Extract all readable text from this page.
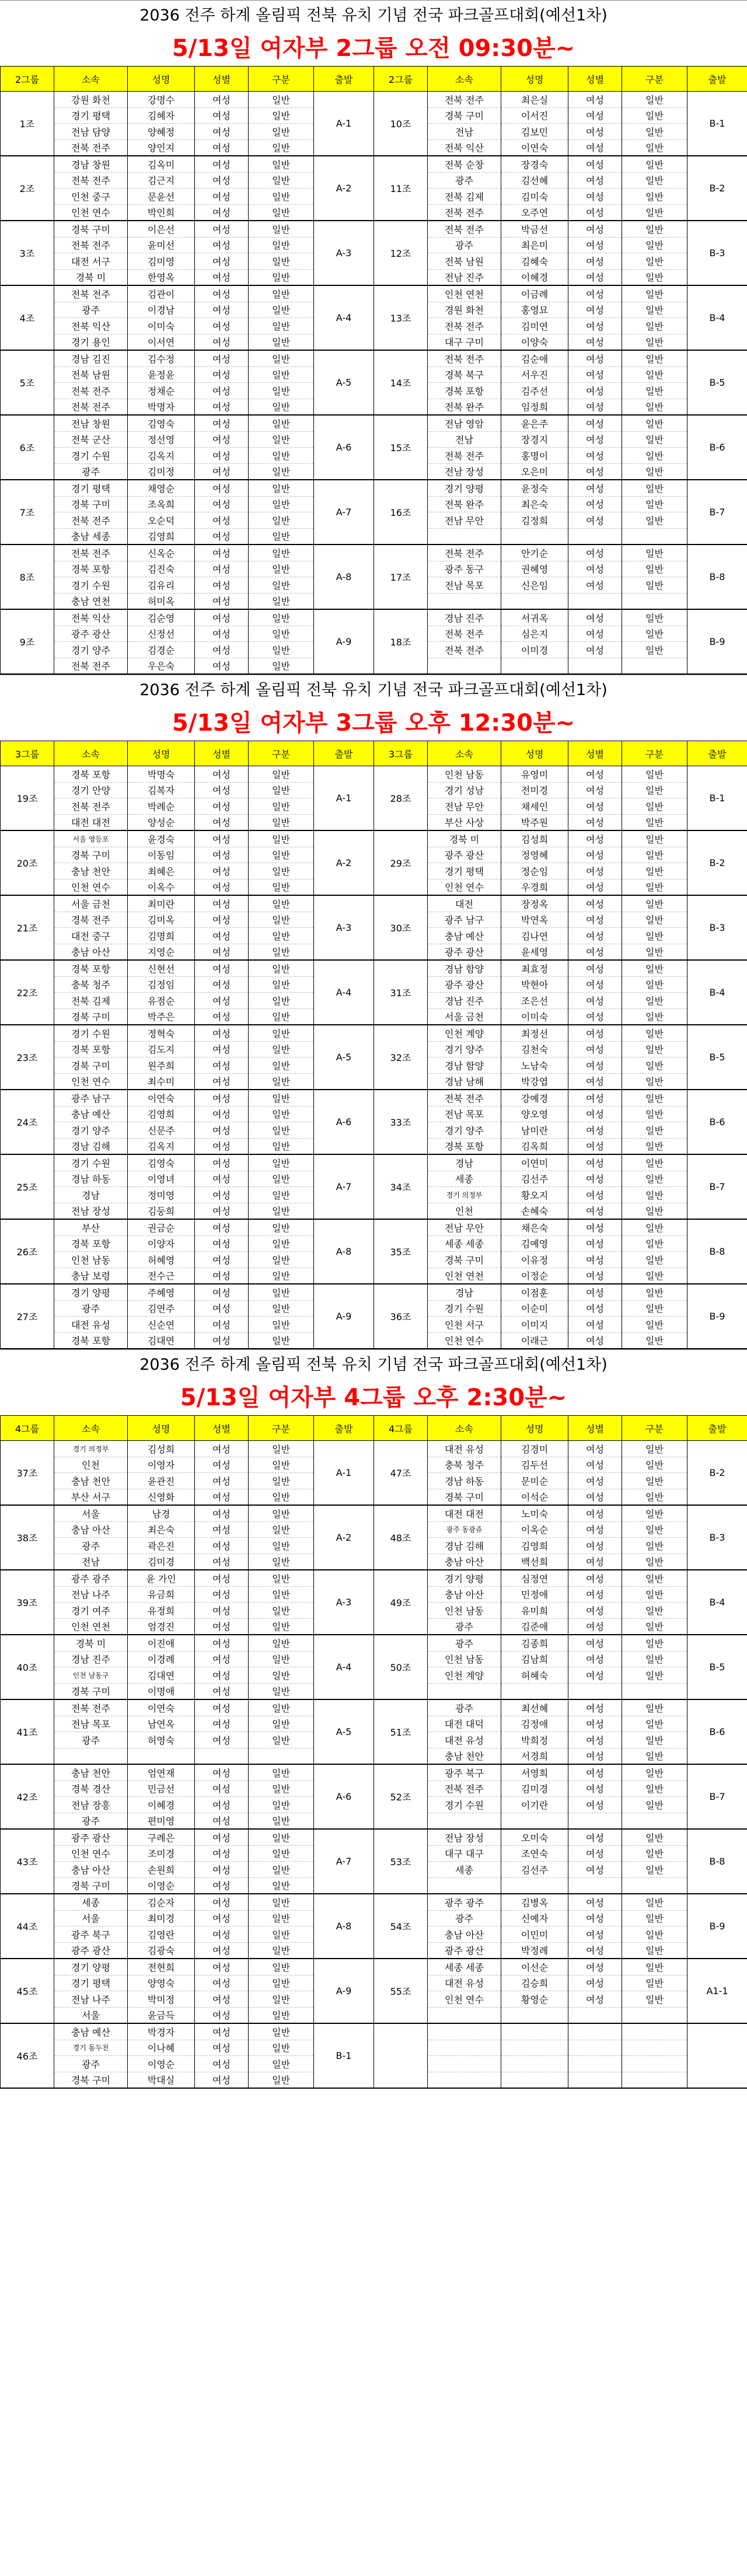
2036 전주 하계 올림픽 전북 유치 기념 전국 파크골프대회(예선1차)
5/13일 여자부 2그룹 오전 09:30분~
2그룹	소속	성명	성별	구분	출발	2그룹	소속	성명	성별	구분	출발
1조	강원 화천	강명수	여성	일반	A-1	10조	전북 전주	최은실	여성	일반	B-1
	경기 평택	김혜자	여성	일반			경북 구미	이서진	여성	일반	
	전남 담양	양혜정	여성	일반			전남	김보민	여성	일반	
	전북 전주	양인지	여성	일반			전북 익산	이연숙	여성	일반	
2조	경남 창원	김옥미	여성	일반	A-2	11조	전북 순창	장경숙	여성	일반	B-2
	전북 전주	김근지	여성	일반			광주	김선혜	여성	일반	
	인천 중구	문윤선	여성	일반			전북 김제	김미숙	여성	일반	
	인천 연수	박인희	여성	일반			전북 전주	오주연	여성	일반	
3조	경북 구미	이은선	여성	일반	A-3	12조	전북 전주	박금선	여성	일반	B-3
	전북 전주	윤미선	여성	일반			광주	최은미	여성	일반	
	대전 서구	김미영	여성	일반			전북 남원	김혜숙	여성	일반	
	경북 미	한영옥	여성	일반			전남 진주	이혜경	여성	일반	
4조	전북 전주	김관이	여성	일반	A-4	13조	인천 연천	이금례	여성	일반	B-4
	광주	이경남	여성	일반			경원 화천	홍영묘	여성	일반	
	전북 익산	이미숙	여성	일반			전북 전주	김미연	여성	일반	
	경기 용인	이서연	여성	일반			대구 구미	이양숙	여성	일반	
5조	경남 김진	김수정	여성	일반	A-5	14조	전북 전주	김순애	여성	일반	B-5
	전북 남원	윤정윤	여성	일반			경북 북구	서우진	여성	일반	
	전북 전주	정채순	여성	일반			경북 포항	김주선	여성	일반	
	전북 전주	박명자	여성	일반			전북 완주	임정희	여성	일반	
6조	전남 창원	김영숙	여성	일반	A-6	15조	전남 영암	윤은주	여성	일반	B-6
	전북 군산	정선영	여성	일반			전남	장경지	여성	일반	
	경기 수원	김옥지	여성	일반			전북 전주	홍명이	여성	일반	
	광주	김미정	여성	일반			전남 장성	오은미	여성	일반	
7조	경기 평택	채영순	여성	일반	A-7	16조	경기 양평	윤정숙	여성	일반	B-7
	경북 구미	조옥희	여성	일반			전북 완주	최은숙	여성	일반	
	전북 전주	오순덕	여성	일반			전남 무안	김정희	여성	일반	
	충남 세종	김영희	여성	일반							
8조	전북 전주	신옥순	여성	일반	A-8	17조	전북 전주	안기순	여성	일반	B-8
	경북 포항	김진숙	여성	일반			광주 동구	권혜영	여성	일반	
	경기 수원	김유리	여성	일반			전남 목포	신은임	여성	일반	
	충남 연천	허미옥	여성	일반							
9조	전북 익산	김순영	여성	일반	A-9	18조	경남 진주	서귀옥	여성	일반	B-9
	광주 광산	신정선	여성	일반			전북 전주	심은지	여성	일반	
	경기 양주	김경순	여성	일반			전북 전주	이미경	여성	일반	
	전북 전주	우은숙	여성	일반							
2036 전주 하계 올림픽 전북 유치 기념 전국 파크골프대회(예선1차)
5/13일 여자부 3그룹 오후 12:30분~
3그룹	소속	성명	성별	구분	출발	3그룹	소속	성명	성별	구분	출발
19조	경북 포항	박명숙	여성	일반	A-1	28조	인천 남동	유영미	여성	일반	B-1
	경기 안양	김복자	여성	일반			경기 성남	전미경	여성	일반	
	전북 전주	박례순	여성	일반			전남 무안	채세인	여성	일반	
	대전 대전	양성순	여성	일반			부산 사상	박주원	여성	일반	
20조	서울 영등포	윤경숙	여성	일반	A-2	29조	경북 미	김성희	여성	일반	B-2
	경북 구미	이동임	여성	일반			광주 광산	정영혜	여성	일반	
	충남 천안	최혜은	여성	일반			경기 평택	정순임	여성	일반	
	인천 연수	이옥수	여성	일반			인천 연수	우경희	여성	일반	
21조	서울 금천	최미란	여성	일반	A-3	30조	대전	장정옥	여성	일반	B-3
	경북 전주	김미옥	여성	일반			광주 남구	박연옥	여성	일반	
	대전 중구	김명희	여성	일반			충남 예산	김나연	여성	일반	
	충남 아산	지영순	여성	일반			광주 광산	윤세영	여성	일반	
22조	경북 포항	신현선	여성	일반	A-4	31조	경남 함양	최효정	여성	일반	B-4
	충북 청주	김정임	여성	일반			광주 광산	박현아	여성	일반	
	전북 김제	유점순	여성	일반			경남 진주	조은선	여성	일반	
	경북 구미	박주은	여성	일반			서울 금천	이미숙	여성	일반	
23조	경기 수원	정혁숙	여성	일반	A-5	32조	인천 계양	최정선	여성	일반	B-5
	경북 포항	김도지	여성	일반			경기 양주	김천숙	여성	일반	
	경북 구미	원주희	여성	일반			경남 함양	노남숙	여성	일반	
	인천 연수	최수미	여성	일반			경남 남해	박강엽	여성	일반	
24조	광주 남구	이연숙	여성	일반	A-6	33조	전북 전주	강예경	여성	일반	B-6
	충남 예산	김영희	여성	일반			전남 목포	양오영	여성	일반	
	경기 양주	신문주	여성	일반			경기 양주	남미란	여성	일반	
	경남 김해	김옥지	여성	일반			경북 포항	김옥희	여성	일반	
25조	경기 수원	김영숙	여성	일반	A-7	34조	경남	이연미	여성	일반	B-7
	경남 하동	이영녀	여성	일반			세종	김선주	여성	일반	
	경남	정미영	여성	일반			경기 의정부	황오지	여성	일반	
	전남 장성	김둥희	여성	일반			인천	손혜숙	여성	일반	
26조	부산	권금순	여성	일반	A-8	35조	전남 무안	채은숙	여성	일반	B-8
	경북 포항	이양자	여성	일반			세종 세종	김예영	여성	일반	
	인천 남동	허혜영	여성	일반			경북 구미	이유정	여성	일반	
	충남 보령	전수근	여성	일반			인천 연천	이정순	여성	일반	
27조	경기 양평	주혜영	여성	일반	A-9	36조	경남	이점훈	여성	일반	B-9
	광주	김연주	여성	일반			경기 수원	이순미	여성	일반	
	대전 유성	신순연	여성	일반			인천 서구	이미지	여성	일반	
	경북 포항	김대연	여성	일반			인천 연수	이래근	여성	일반	
2036 전주 하계 올림픽 전북 유치 기념 전국 파크골프대회(예선1차)
5/13일 여자부 4그룹 오후 2:30분~
4그룹	소속	성명	성별	구분	출발	4그룹	소속	성명	성별	구분	출발
37조	경기 의정부	김성희	여성	일반	A-1	47조	대전 유성	김경미	여성	일반	B-2
	인천	이영자	여성	일반			충북 청주	김두선	여성	일반	
	충남 천안	윤관진	여성	일반			경남 하동	문미순	여성	일반	
	부산 서구	신영화	여성	일반			경북 구미	이석순	여성	일반	
38조	서울	남경	여성	일반	A-2	48조	대전 대전	노미숙	여성	일반	B-3
	충남 아산	최은숙	여성	일반			광주 동광쥬	이옥순	여성	일반	
	광주	곽은진	여성	일반			경남 김해	김영희	여성	일반	
	전남	김미경	여성	일반			충남 아산	백선희	여성	일반	
39조	광주 광주	윤 가인	여성	일반	A-3	49조	경기 양평	심정연	여성	일반	B-4
	전남 나주	유금희	여성	일반			충남 아산	민정애	여성	일반	
	경기 여주	유정희	여성	일반			인천 남동	유미희	여성	일반	
	인천 연천	엄경진	여성	일반			광주	김준애	여성	일반	
40조	경북 미	이진애	여성	일반	A-4	50조	광주	김종희	여성	일반	B-5
	경남 진주	이경례	여성	일반			인천 남동	김남희	여성	일반	
	인천 남동구	김대연	여성	일반			인천 계양	허혜숙	여성	일반	
	경북 구미	이명애	여성	일반							
41조	전북 전주	이연숙	여성	일반	A-5	51조	광주	최선혜	여성	일반	B-6
	전남 목포	남연옥	여성	일반			대전 대덕	김정애	여성	일반	
	광주	허영숙	여성	일반			대전 유성	박희정	여성	일반	
							충남 천안	서경희	여성	일반	
42조	충남 천안	엄연재	여성	일반	A-6	52조	광주 북구	서영희	여성	일반	B-7
	경북 경산	민금선	여성	일반			전북 전주	김미경	여성	일반	
	전남 장흥	이혜경	여성	일반			경기 수원	이기란	여성	일반	
	광주	편미영	여성	일반							
43조	광주 광산	구례은	여성	일반	A-7	53조	전남 장성	오미숙	여성	일반	B-8
	인천 연수	조미경	여성	일반			대구 대구	조연숙	여성	일반	
	충남 아산	손원희	여성	일반			세종	김선주	여성	일반	
	경북 구미	이영순	여성	일반							
44조	세종	김순자	여성	일반	A-8	54조	광주 광주	김병옥	여성	일반	B-9
	서울	최미경	여성	일반			광주	신예자	여성	일반	
	광주 북구	김영란	여성	일반			충남 아산	이민미	여성	일반	
	광주 광산	김광숙	여성	일반			광주 광산	박정례	여성	일반	
45조	경기 양평	전현희	여성	일반	A-9	55조	세종 세종	이선순	여성	일반	A1-1
	경기 평택	양영숙	여성	일반			대전 유성	김승희	여성	일반	
	전남 나주	박미정	여성	일반			인천 연수	황영순	여성	일반	
	서울	윤금득	여성	일반							
46조	충남 예산	박경자	여성	일반	B-1						
	경기 동두천	이나혜	여성	일반							
	광주	이영순	여성	일반							
	경북 구미	박대실	여성	일반							
